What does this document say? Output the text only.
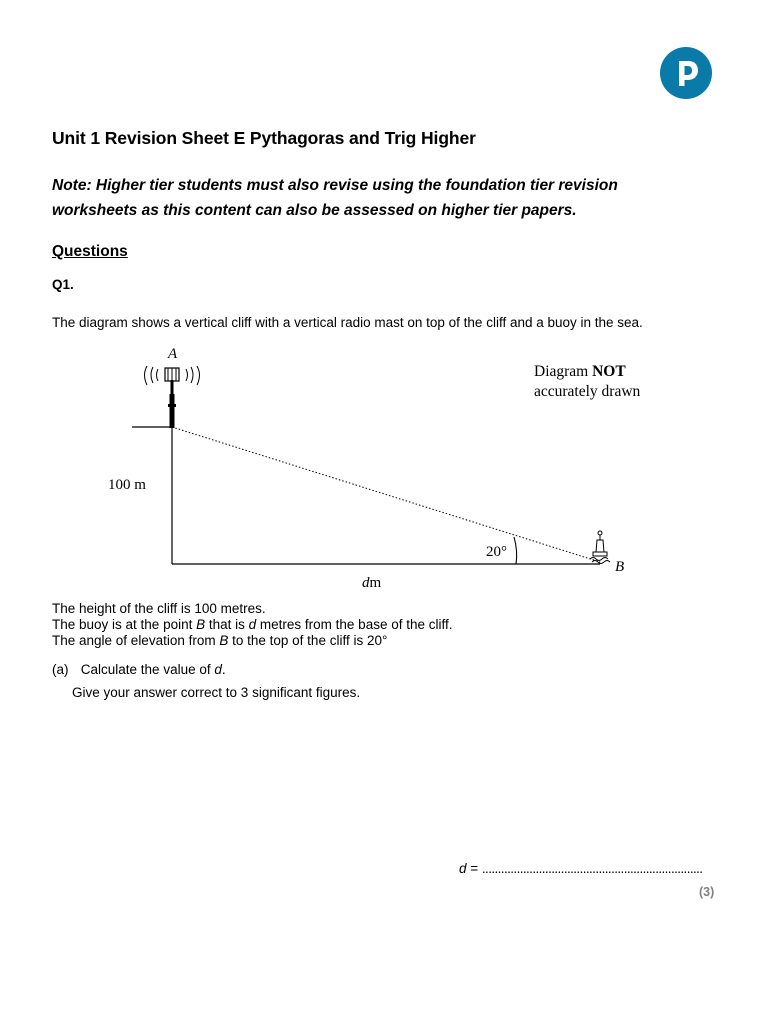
Unit 1 Revision Sheet E Pythagoras and Trig Higher
Note: Higher tier students must also revise using the foundation tier revision worksheets as this content can also be assessed on higher tier papers.
Questions
Q1.
The diagram shows a vertical cliff with a vertical radio mast on top of the cliff and a buoy in the sea.
A
B
100 m
20°
dm
Diagram NOT
accurately drawn
The height of the cliff is 100 metres.
The buoy is at the point B that is d metres from the base of the cliff.
The angle of elevation from B to the top of the cliff is 20°
(a) Calculate the value of d.
Give your answer correct to 3 significant figures.
d = ......................................................................
(3)
